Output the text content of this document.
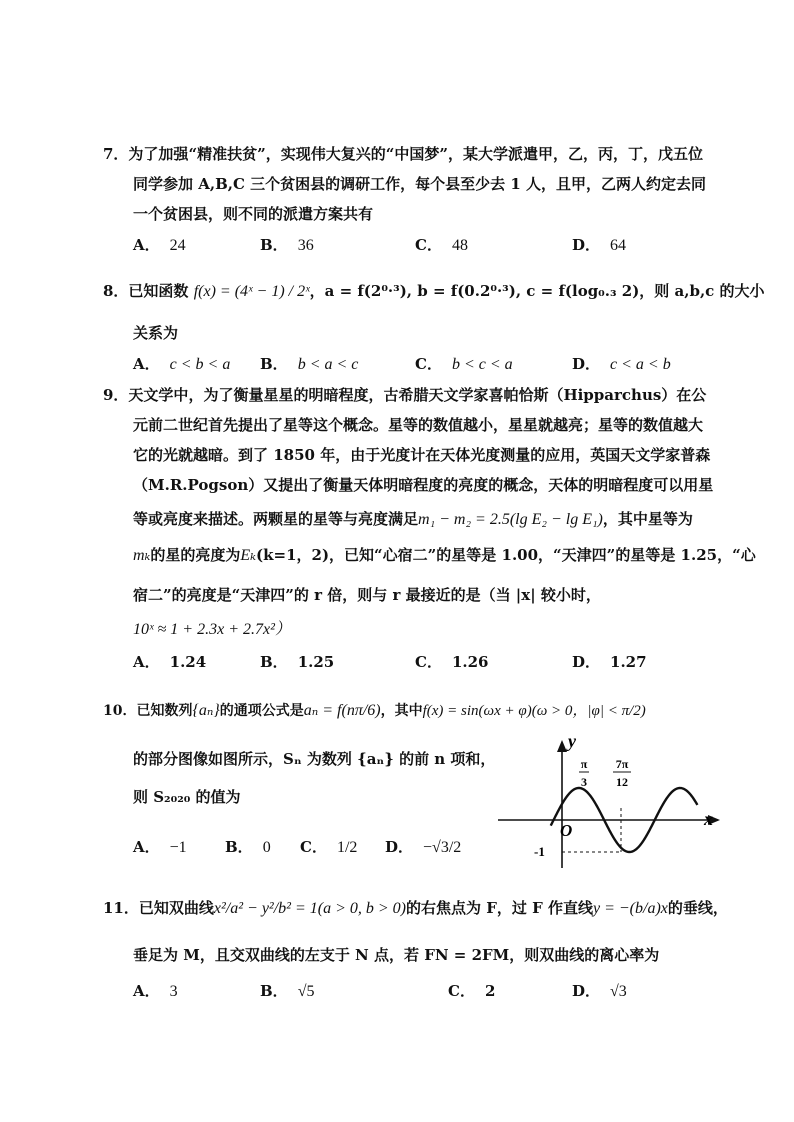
7．为了加强“精准扶贫”，实现伟大复兴的“中国梦”，某大学派遣甲，乙，丙，丁，戊五位
同学参加 A,B,C 三个贫困县的调研工作，每个县至少去 1 人，且甲，乙两人约定去同
一个贫困县，则不同的派遣方案共有
A． 24	B． 36	C． 48	D． 64
8．已知函数 f(x) = (4ˣ − 1) / 2ˣ，a = f(2⁰·³), b = f(0.2⁰·³), c = f(log₀.₃ 2)，则 a,b,c 的大小
关系为
A． c < b < a B． b < a < c	C． b < c < a	D． c < a < b
9．天文学中，为了衡量星星的明暗程度，古希腊天文学家喜帕恰斯（Hipparchus）在公
元前二世纪首先提出了星等这个概念。星等的数值越小，星星就越亮；星等的数值越大
它的光就越暗。到了 1850 年，由于光度计在天体光度测量的应用，英国天文学家普森
（M.R.Pogson）又提出了衡量天体明暗程度的亮度的概念，天体的明暗程度可以用星
等或亮度来描述。两颗星的星等与亮度满足m₁ − m₂ = 2.5(lg E₂ − lg E₁)，其中星等为
mₖ的星的亮度为Eₖ(k=1，2)，已知“心宿二”的星等是 1.00，“天津四”的星等是 1.25，“心
宿二”的亮度是“天津四”的 r 倍，则与 r 最接近的是（当 |x| 较小时，
10ˣ ≈ 1 + 2.3x + 2.7x²）
A． 1.24	B． 1.25	C． 1.26	D． 1.27
10．已知数列{aₙ}的通项公式是aₙ = f(nπ/6)，其中f(x) = sin(ωx + φ)(ω > 0，|φ| < π/2)
的部分图像如图所示，Sₙ 为数列 {aₙ} 的前 n 项和，
则 S₂₀₂₀ 的值为
A． −1	B． 0 C． 1/2 D． −√3/2
y
x
O
-1
π
3
7π
12
11．已知双曲线x²/a² − y²/b² = 1(a > 0, b > 0)的右焦点为 F，过 F 作直线y = −(b/a)x的垂线，
垂足为 M，且交双曲线的左支于 N 点，若 FN = 2FM，则双曲线的离心率为
A． 3	B． √5	C． 2	D． √3
